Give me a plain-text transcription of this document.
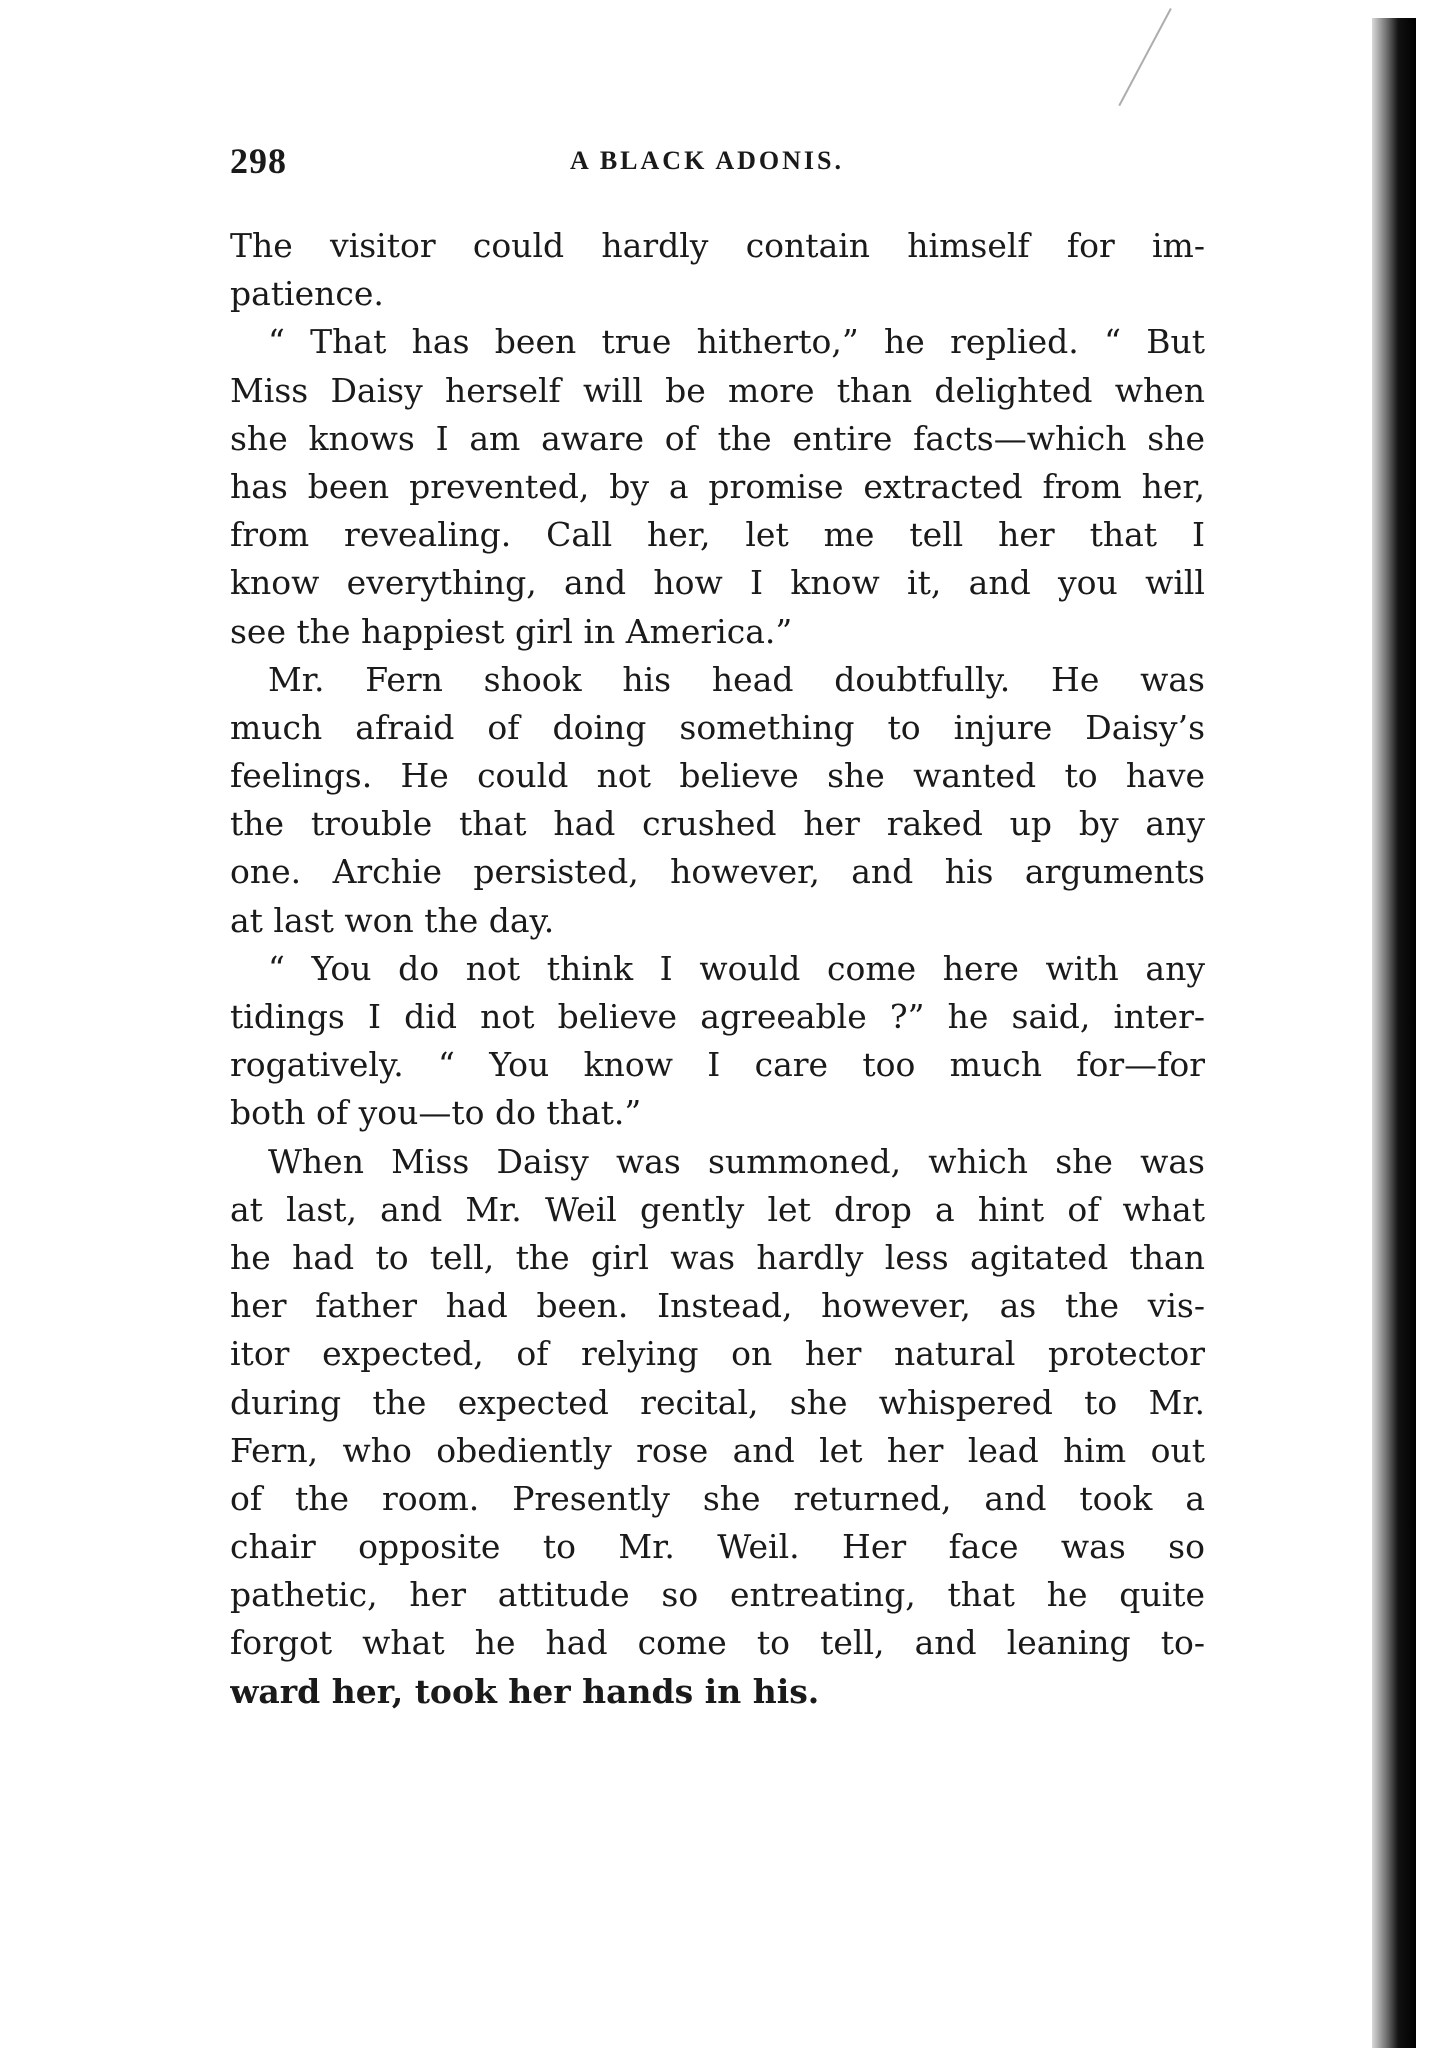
298	A BLACK ADONIS.
The visitor could hardly contain himself for im-
patience.
“ That has been true hitherto,” he replied. “ But
Miss Daisy herself will be more than delighted when
she knows I am aware of the entire facts—which she
has been prevented, by a promise extracted from her,
from revealing. Call her, let me tell her that I
know everything, and how I know it, and you will
see the happiest girl in America.”
Mr. Fern shook his head doubtfully. He was
much afraid of doing something to injure Daisy’s
feelings. He could not believe she wanted to have
the trouble that had crushed her raked up by any
one. Archie persisted, however, and his arguments
at last won the day.
“ You do not think I would come here with any
tidings I did not believe agreeable ?” he said, inter-
rogatively. “ You know I care too much for—for
both of you—to do that.”
When Miss Daisy was summoned, which she was
at last, and Mr. Weil gently let drop a hint of what
he had to tell, the girl was hardly less agitated than
her father had been. Instead, however, as the vis-
itor expected, of relying on her natural protector
during the expected recital, she whispered to Mr.
Fern, who obediently rose and let her lead him out
of the room. Presently she returned, and took a
chair opposite to Mr. Weil. Her face was so
pathetic, her attitude so entreating, that he quite
forgot what he had come to tell, and leaning to-
ward her, took her hands in his.
